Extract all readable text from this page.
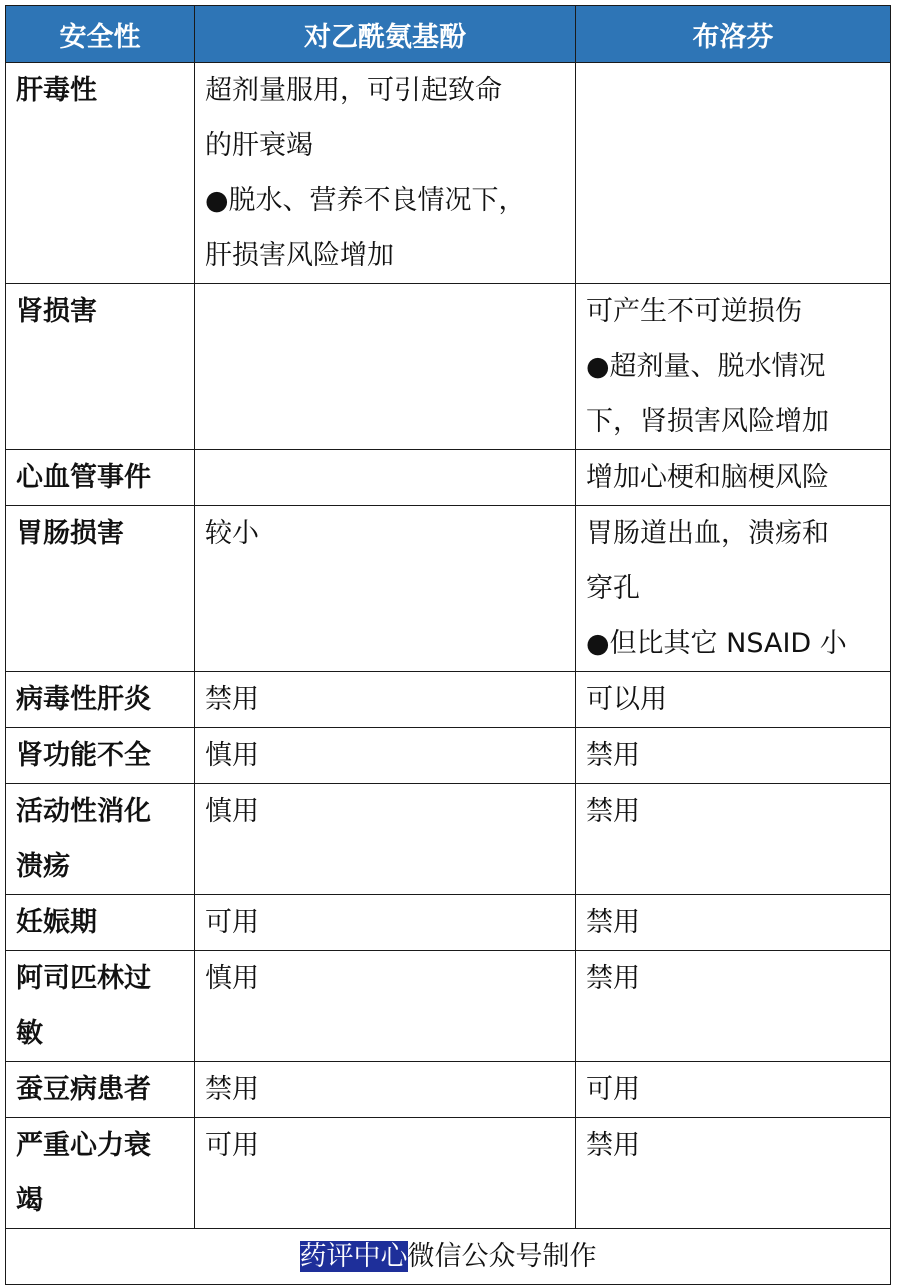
安全性	对乙酰氨基酚	布洛芬

肝毒性	超剂量服用，可引起致命
的肝衰竭
●脱水、营养不良情况下，
肝损害风险增加	

肾损害		可产生不可逆损伤
●超剂量、脱水情况
下，肾损害风险增加

心血管事件		增加心梗和脑梗风险

胃肠损害	较小	胃肠道出血，溃疡和
穿孔
●但比其它 NSAID 小

病毒性肝炎	禁用	可以用

肾功能不全	慎用	禁用

活动性消化
溃疡	慎用	禁用

妊娠期	可用	禁用

阿司匹林过
敏	慎用	禁用

蚕豆病患者	禁用	可用

严重心力衰
竭	可用	禁用

药评中心微信公众号制作		
